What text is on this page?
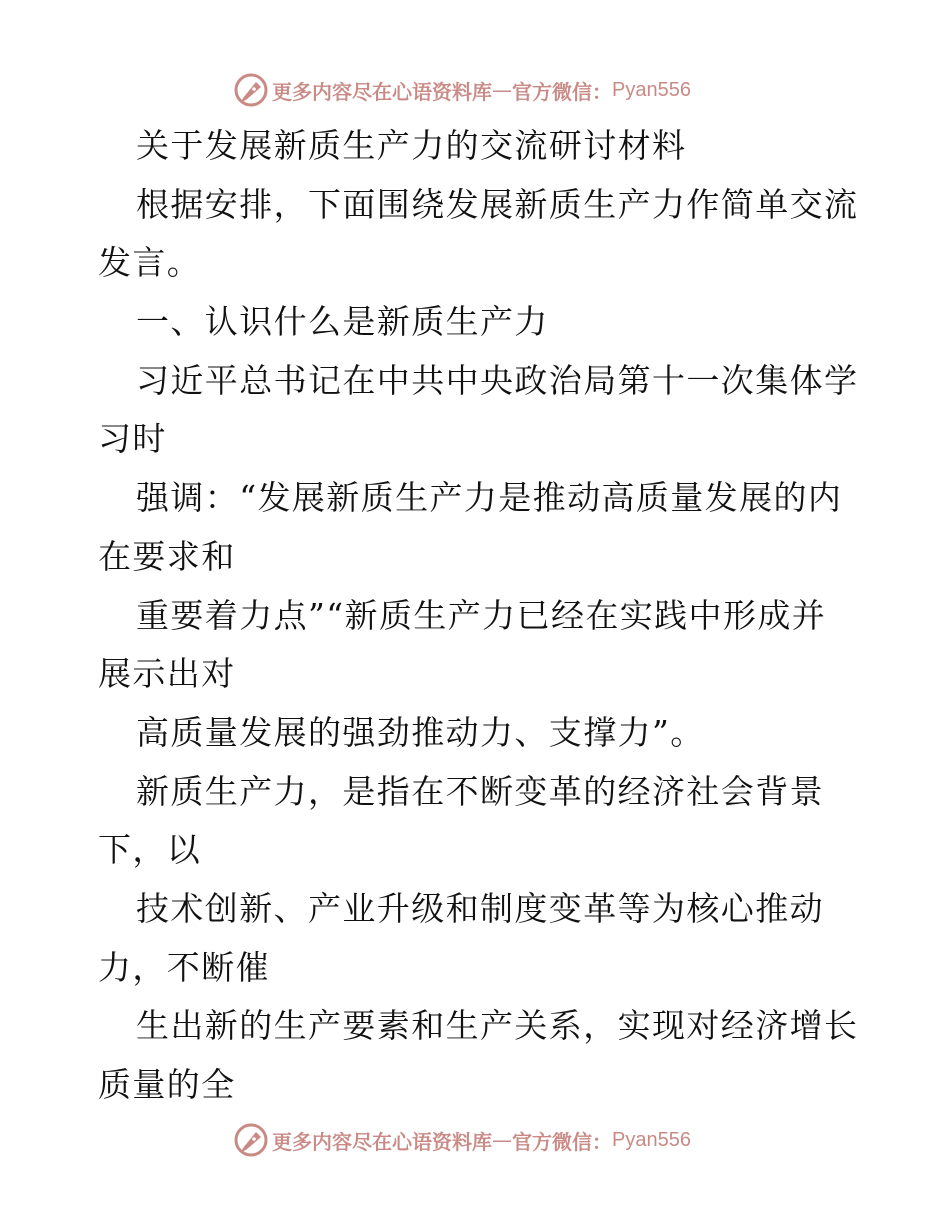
更多内容尽在心语资料库 — 官方微信： Pyan556
关于发展新质生产力的交流研讨材料
根据安排，下面围绕发展新质生产力作简单交流
发言。
一、认识什么是新质生产力
习近平总书记在中共中央政治局第十一次集体学
习时
强调：“发展新质生产力是推动高质量发展的内
在要求和
重要着力点”“新质生产力已经在实践中形成并
展示出对
高质量发展的强劲推动力、支撑力”。
新质生产力，是指在不断变革的经济社会背景
下，以
技术创新、产业升级和制度变革等为核心推动
力，不断催
生出新的生产要素和生产关系，实现对经济增长
质量的全
更多内容尽在心语资料库 — 官方微信： Pyan556
